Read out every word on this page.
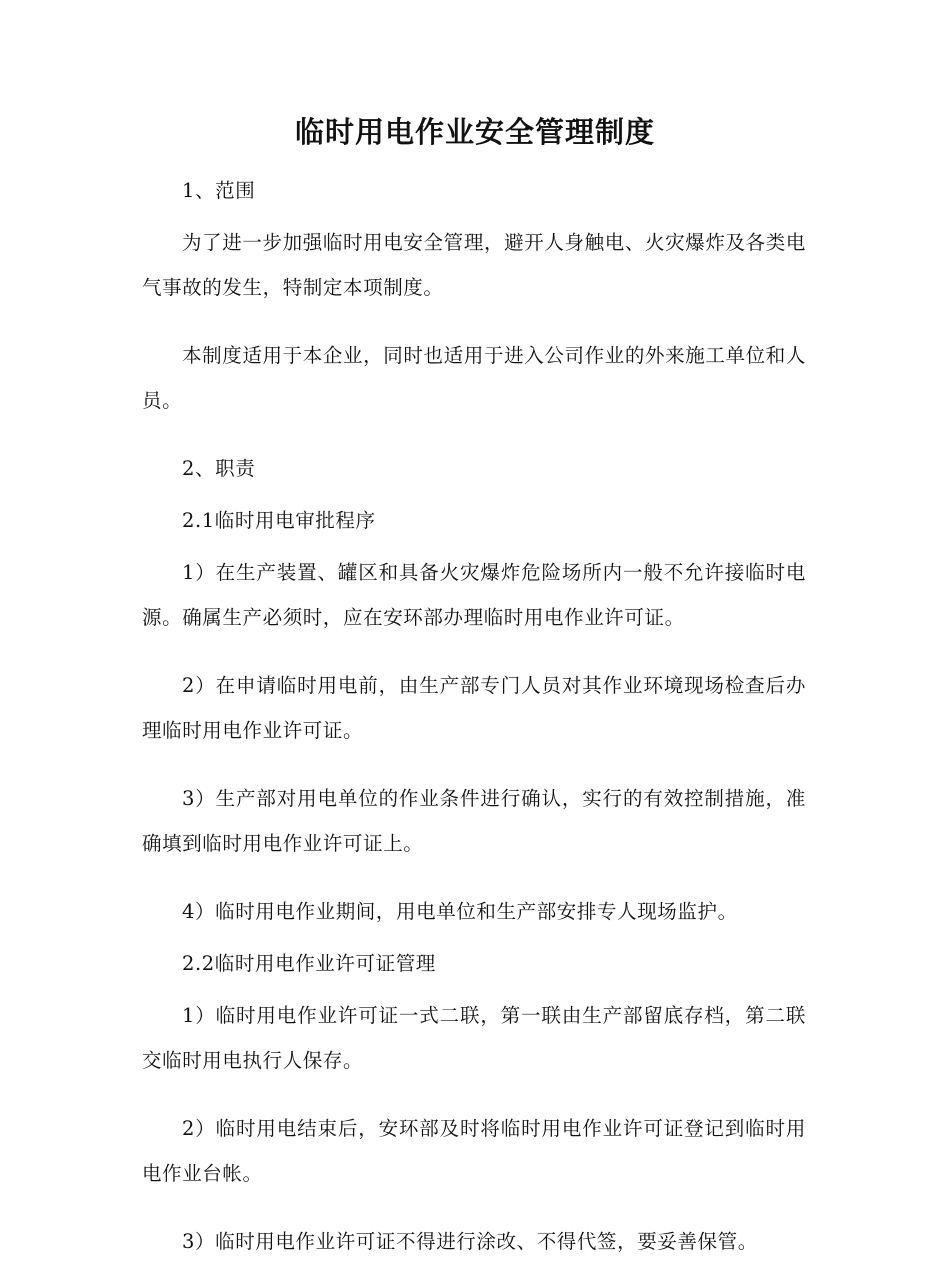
临时用电作业安全管理制度

1、范围

为了进一步加强临时用电安全管理，避开人身触电、火灾爆炸及各类电气事故的发生，特制定本项制度。

本制度适用于本企业，同时也适用于进入公司作业的外来施工单位和人员。

2、职责

2.1临时用电审批程序

1）在生产装置、罐区和具备火灾爆炸危险场所内一般不允许接临时电源。确属生产必须时，应在安环部办理临时用电作业许可证。

2）在申请临时用电前，由生产部专门人员对其作业环境现场检查后办理临时用电作业许可证。

3）生产部对用电单位的作业条件进行确认，实行的有效控制措施，准确填到临时用电作业许可证上。

4）临时用电作业期间，用电单位和生产部安排专人现场监护。

2.2临时用电作业许可证管理

1）临时用电作业许可证一式二联，第一联由生产部留底存档，第二联交临时用电执行人保存。

2）临时用电结束后，安环部及时将临时用电作业许可证登记到临时用电作业台帐。

3）临时用电作业许可证不得进行涂改、不得代签，要妥善保管。
